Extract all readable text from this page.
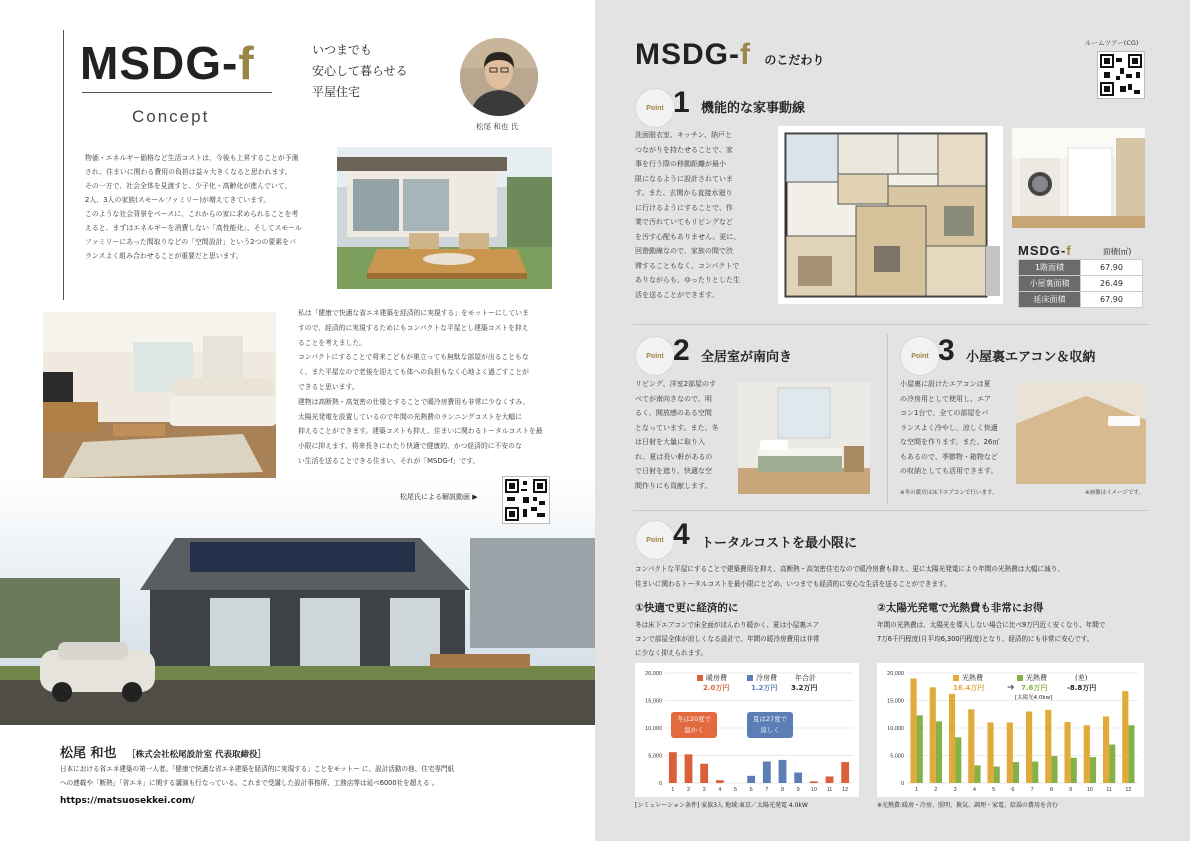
MSDG-f
Concept
いつまでも
安心して暮らせる
平屋住宅
松尾 和也 氏
物価・エネルギー価格など生活コストは、今後も上昇することが予測
され、住まいに関わる費用の負担は益々大きくなると思われます。
その一方で、社会全体を見渡すと、少子化・高齢化が進んでいて、
2人、3人の家族(スモールファミリー)が増えてきています。
このような社会背景をベースに、これからの家に求められることを考
えると、まずはエネルギーを消費しない「高性能化」、そしてスモール
ファミリーにあった間取りなどの「空間設計」という2つの要素をバ
ランスよく組み合わせることが重要だと思います。
私は「健康で快適な省エネ建築を経済的に実現する」をモットーにしていま
すので、経済的に実現するためにもコンパクトな平屋とし建築コストを抑え
ることを考えました。
コンパクトにすることで将来こどもが巣立っても無駄な部屋が出ることもな
く、また平屋なので老後を迎えても体への負担もなく心地よく過ごすことが
できると思います。
建物は高断熱・高気密の仕様とすることで暖冷房費用も非常に少なくすみ、
太陽光発電を設置しているので年間の光熱費のランニングコストを大幅に
抑えることができます。建築コストも抑え、住まいに関わるトータルコストを最
小限に抑えます。将来長きにわたり快適で健康的、かつ経済的に不安のな
い生活を送ることできる住まい、それが「MSDG-f」です。
松尾氏による解説動画 ▶
松尾 和也 ［株式会社松尾設計室 代表取締役］
日本における省エネ建築の第一人者。「健康で快適な省エネ建築を経済的に実現する」ことをモットー に、設計活動の他、住宅専門紙
への連載や「断熱」「省エネ」に関する講演も行なっている。これまで受講した設計事務所、工務店等は延べ6000社を超える 。
https://matsuosekkei.com/
MSDG-f のこだわり
ルームツアー(CG)
Point 1 機能的な家事動線
洗面脱衣室、キッチン、納戸と
つながりを持たせることで、家
事を行う際の移動距離が最小
限になるように設計されていま
す。また、玄関から直接水廻り
に行けるようにすることで、作
業で汚れていてもリビングなど
を汚す心配もありません。更に、
回遊動線なので、家族の間で渋
滞することもなく、コンパクトで
ありながらも、ゆったりとした生
活を送ることができます。
MSDG-f	面積(㎡)
1階面積	67.90
小屋裏面積	26.49
延床面積	67.90
Point 2 全居室が南向き
リビング、洋室2部屋のす
べてが南向きなので、明
るく、開放感のある空間
となっています。また、冬
は日射を大量に取り入
れ、夏は長い軒があるの
で日射を遮り、快適な空
間作りにも貢献します。
Point 3 小屋裏エアコン＆収納
小屋裏に設けたエアコンは夏
の冷房用として使用し、エア
コン1台で、全ての部屋をバ
ランスよく冷やし、涼しく快適
な空間を作ります。また、26㎡
もあるので、季節物・箱物など
の収納としても活用できます。
※冬の暖房は床下エアコンで行います。	※画像はイメージです。
Point 4 トータルコストを最小限に
コンパクトな平屋にすることで建築費用を抑え、高断熱・高気密住宅なので暖冷房費も抑え、更に太陽光発電により年間の光熱費は大幅に減り、
住まいに関わるトータルコストを最小限にとどめ、いつまでも経済的に安心な生活を送ることができます。
①快適で更に経済的に
冬は床下エアコンで床全面がほんわり暖かく、夏は小屋裏エア
コンで部屋全体が涼しくなる設計で、年間の暖冷房費用は非常
に少なく抑えられます。
②太陽光発電で光熱費も非常にお得
年間の光熱費は、太陽光を導入しない場合に比べ9万円近く安くなり、年間で
7万6千円程度(月平均6,300円程度)となり、経済的にも非常に安心です。
20,000
15,000
10,000
5,000
0
1 2 3 4 5 6 7 8 9 10 11 12
暖房費
2.0万円
冷房費
1.2万円
年合計
3.2万円
冬は20度で
温かく
夏は27度で
涼しく
[シミュレーション条件] 家族3人 地域:東京／太陽光発電 4.0kW
20,000
15,000
10,000
5,000
0
1	2	3	4	5	6	7	8	9	10 11 12
光熱費
16.4万円	➜
光熱費
7.6万円
[太陽光4.0kw]
(差)
-8.8万円
※光熱費:暖房・冷房、照明、換気、調理・家電、給湯の費用を含む
